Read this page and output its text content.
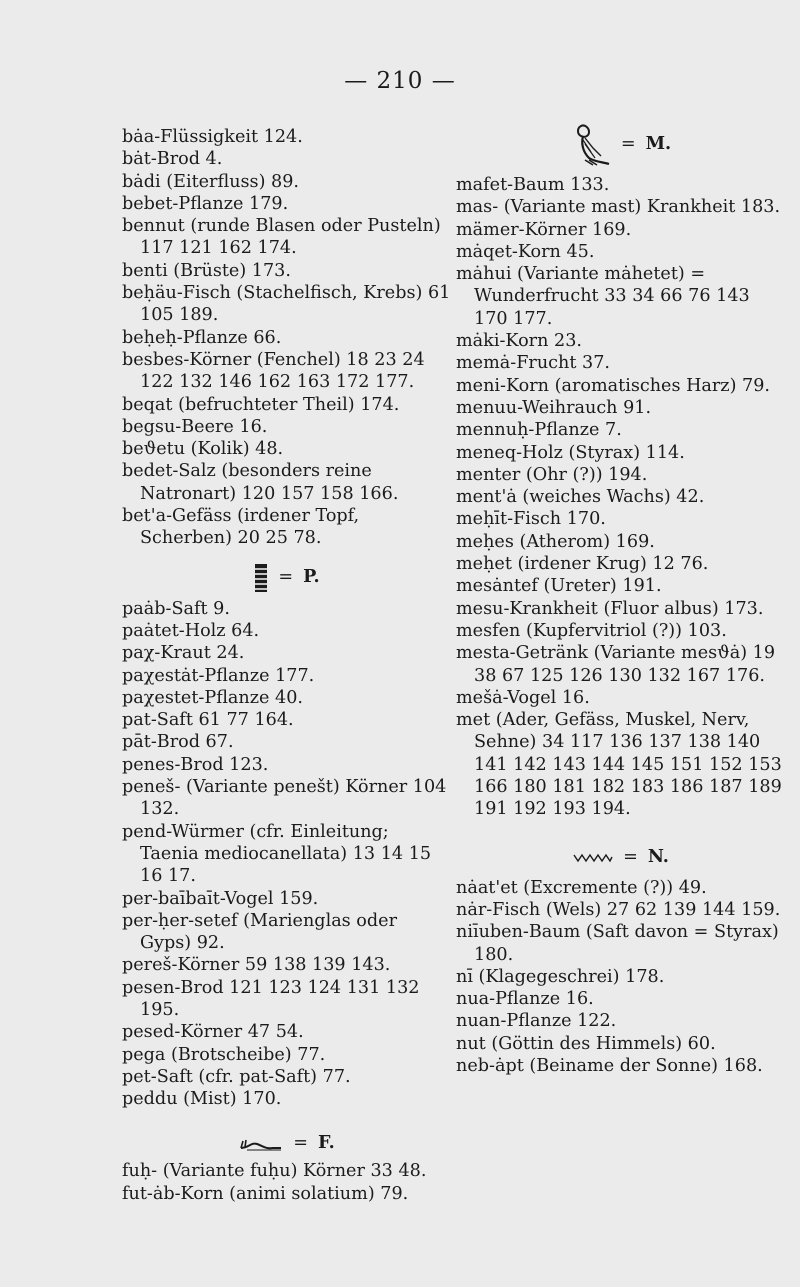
— 210 —

bȧa-Flüssigkeit 124.

bȧt-Brod 4.

bȧdi (Eiterfluss) 89.

bebet-Pflanze 179.

bennut (runde Blasen oder Pusteln) 117 121 162 174.

benti (Brüste) 173.

beḥäu-Fisch (Stachelfisch, Krebs) 61 105 189.

beḥeḥ-Pflanze 66.

besbes-Körner (Fenchel) 18 23 24 122 132 146 162 163 172 177.

beqat (befruchteter Theil) 174.

begsu-Beere 16.

beϑetu (Kolik) 48.

bedet-Salz (besonders reine Natronart) 120 157 158 166.

bet'a-Gefäss (irdener Topf, Scherben) 20 25 78.

= P.

paȧb-Saft 9.

paȧtet-Holz 64.

paχ-Kraut 24.

paχestȧt-Pflanze 177.

paχestet-Pflanze 40.

pat-Saft 61 77 164.

pāt-Brod 67.

penes-Brod 123.

peneš- (Variante penešt) Körner 104 132.

pend-Würmer (cfr. Einleitung; Taenia mediocanellata) 13 14 15 16 17.

per-baībaīt-Vogel 159.

per-ḥer-setef (Marienglas oder Gyps) 92.

pereš-Körner 59 138 139 143.

pesen-Brod 121 123 124 131 132 195.

pesed-Körner 47 54.

pega (Brotscheibe) 77.

pet-Saft (cfr. pat-Saft) 77.

peddu (Mist) 170.

= F.

fuḥ- (Variante fuḥu) Körner 33 48.

fut-ȧb-Korn (animi solatium) 79.

= M.

mafet-Baum 133.

mas- (Variante mast) Krankheit 183.

mämer-Körner 169.

mȧqet-Korn 45.

mȧhui (Variante mȧhetet) = Wunderfrucht 33 34 66 76 143 170 177.

mȧki-Korn 23.

memȧ-Frucht 37.

meni-Korn (aromatisches Harz) 79.

menuu-Weihrauch 91.

mennuḥ-Pflanze 7.

meneq-Holz (Styrax) 114.

menter (Ohr (?)) 194.

ment'ȧ (weiches Wachs) 42.

meḥīt-Fisch 170.

meḥes (Atherom) 169.

meḥet (irdener Krug) 12 76.

mesȧntef (Ureter) 191.

mesu-Krankheit (Fluor albus) 173.

mesfen (Kupfervitriol (?)) 103.

mesta-Getränk (Variante mesϑȧ) 19 38 67 125 126 130 132 167 176.

mešȧ-Vogel 16.

met (Ader, Gefäss, Muskel, Nerv, Sehne) 34 117 136 137 138 140 141 142 143 144 145 151 152 153 166 180 181 182 183 186 187 189 191 192 193 194.

= N.

nȧat'et (Excremente (?)) 49.

nȧr-Fisch (Wels) 27 62 139 144 159.

niīuben-Baum (Saft davon = Styrax) 180.

nī (Klagegeschrei) 178.

nua-Pflanze 16.

nuan-Pflanze 122.

nut (Göttin des Himmels) 60.

neb-ȧpt (Beiname der Sonne) 168.
